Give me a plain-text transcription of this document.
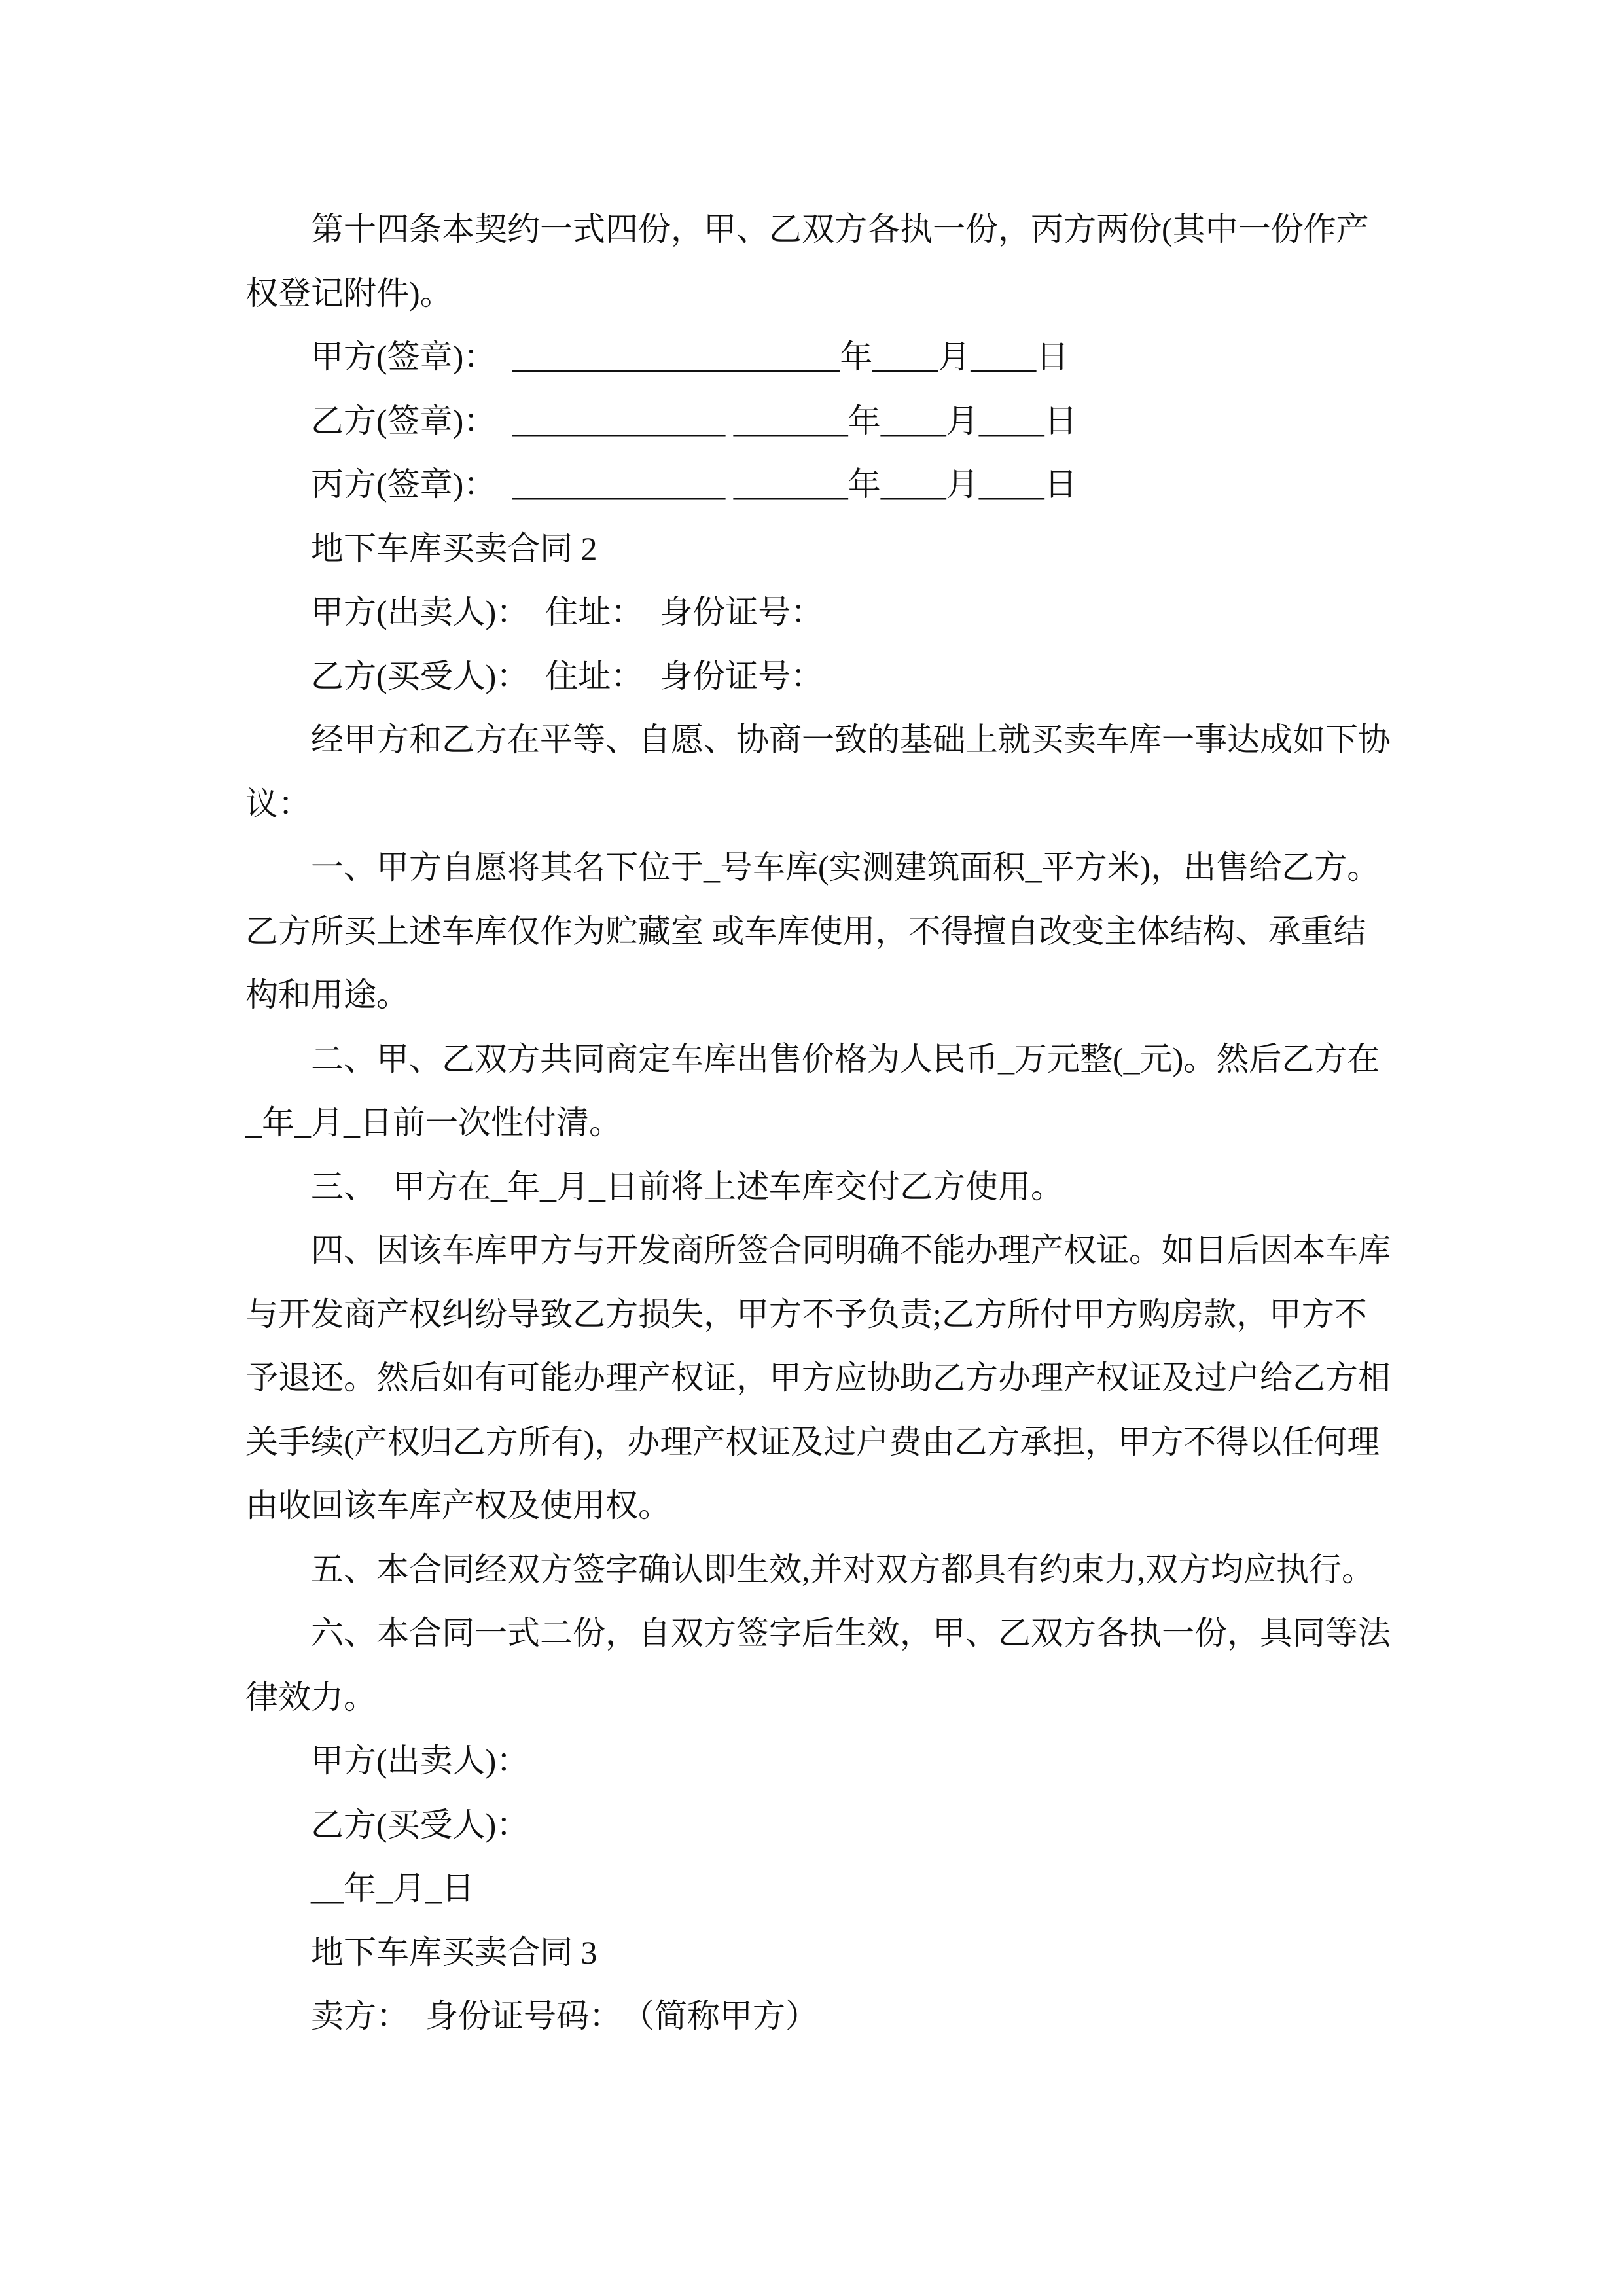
第十四条本契约一式四份，甲、乙双方各执一份，丙方两份(其中一份作产
权登记附件)。
甲方(签章)：　____________________年____月____日
乙方(签章)：　_____________ _______年____月____日
丙方(签章)：　_____________ _______年____月____日
地下车库买卖合同 2
甲方(出卖人)：　住址：　身份证号：
乙方(买受人)：　住址：　身份证号：
经甲方和乙方在平等、自愿、协商一致的基础上就买卖车库一事达成如下协
议：
一、甲方自愿将其名下位于_号车库(实测建筑面积_平方米)，出售给乙方。
乙方所买上述车库仅作为贮藏室 或车库使用，不得擅自改变主体结构、承重结
构和用途。
二、甲、乙双方共同商定车库出售价格为人民币_万元整(_元)。然后乙方在
_年_月_日前一次性付清。
三、　甲方在_年_月_日前将上述车库交付乙方使用。
四、因该车库甲方与开发商所签合同明确不能办理产权证。如日后因本车库
与开发商产权纠纷导致乙方损失，甲方不予负责;乙方所付甲方购房款，甲方不
予退还。然后如有可能办理产权证，甲方应协助乙方办理产权证及过户给乙方相
关手续(产权归乙方所有)，办理产权证及过户费由乙方承担，甲方不得以任何理
由收回该车库产权及使用权。
五、本合同经双方签字确认即生效,并对双方都具有约束力,双方均应执行。
六、本合同一式二份，自双方签字后生效，甲、乙双方各执一份，具同等法
律效力。
甲方(出卖人)：
乙方(买受人)：
__年_月_日
地下车库买卖合同 3
卖方：　身份证号码：　（简称甲方）
